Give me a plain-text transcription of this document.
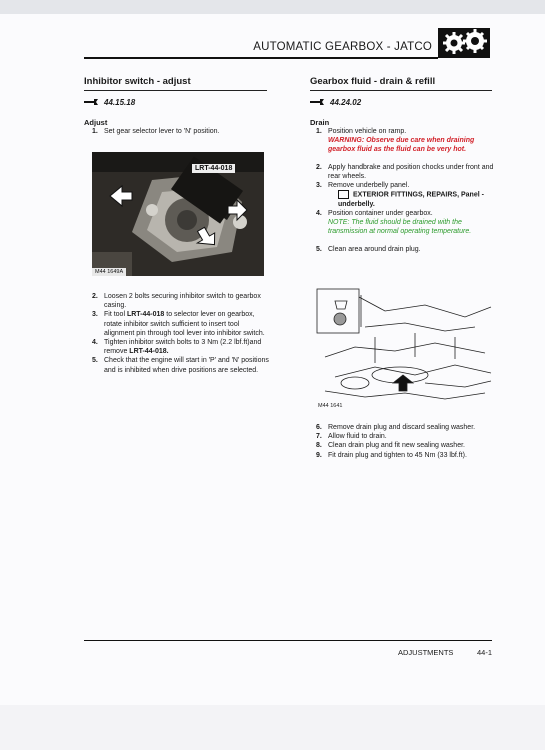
AUTOMATIC GEARBOX - JATCO
Inhibitor switch - adjust
44.15.18
Adjust
1. Set gear selector lever to 'N' position.
LRT-44-018
M44 1649A
2. Loosen 2 bolts securing inhibitor switch to gearbox casing.
3. Fit tool LRT-44-018 to selector lever on gearbox, rotate inhibitor switch sufficient to insert tool alignment pin through tool lever into inhibitor switch.
4. Tighten inhibitor switch bolts to 3 Nm (2.2 lbf.ft)and remove LRT-44-018.
5. Check that the engine will start in 'P' and 'N' positions and is inhibited when drive positions are selected.
Gearbox fluid - drain & refill
44.24.02
Drain
1. Position vehicle on ramp.
WARNING: Observe due care when draining gearbox fluid as the fluid can be very hot.
2. Apply handbrake and position chocks under front and rear wheels.
3. Remove underbelly panel.
EXTERIOR FITTINGS, REPAIRS, Panel - underbelly.
4. Position container under gearbox.
NOTE: The fluid should be drained with the transmission at normal operating temperature.
5. Clean area around drain plug.
M44 1641
6. Remove drain plug and discard sealing washer.
7. Allow fluid to drain.
8. Clean drain plug and fit new sealing washer.
9. Fit drain plug and tighten to 45 Nm (33 lbf.ft).
ADJUSTMENTS	44-1
